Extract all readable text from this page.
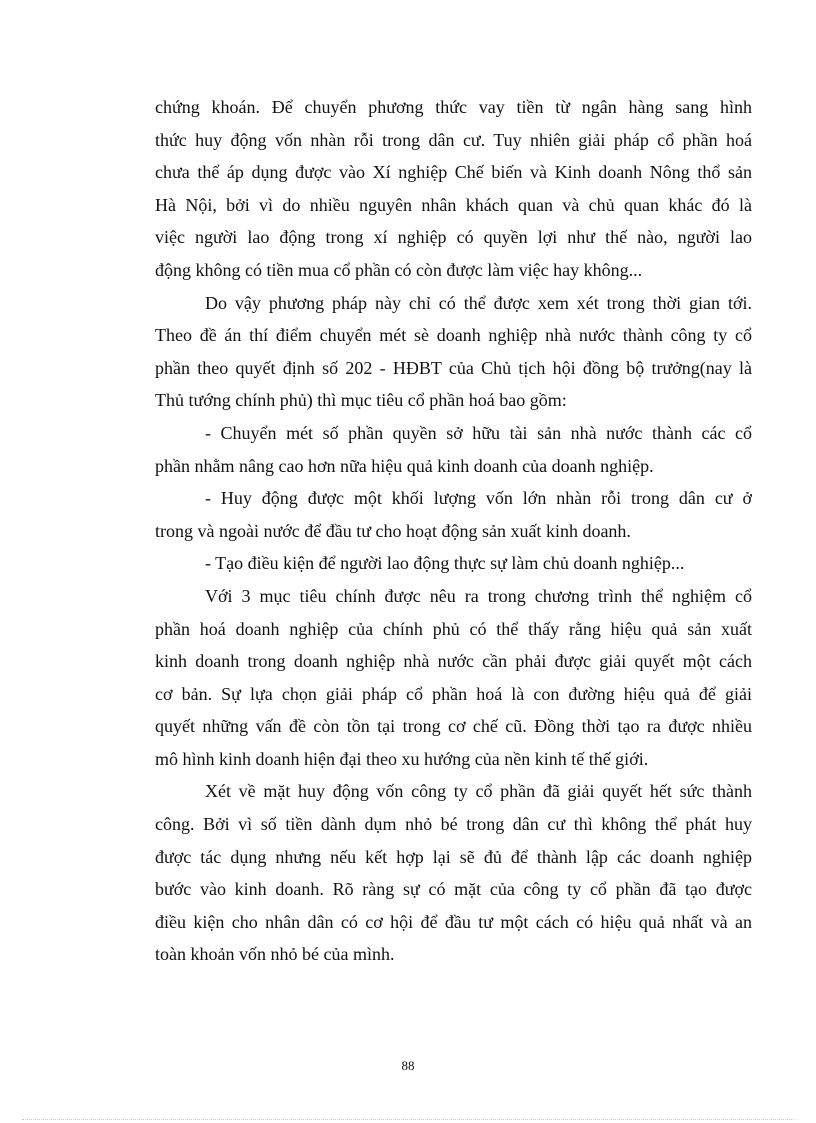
chứng khoán. Để chuyển phương thức vay tiền từ ngân hàng sang hình
thức huy động vốn nhàn rỗi trong dân cư. Tuy nhiên giải pháp cổ phần hoá
chưa thể áp dụng được vào Xí nghiệp Chế biến và Kinh doanh Nông thổ sản
Hà Nội, bởi vì do nhiều nguyên nhân khách quan và chủ quan khác đó là
việc người lao động trong xí nghiệp có quyền lợi như thế nào, người lao
động không có tiền mua cổ phần có còn được làm việc hay không...
Do vậy phương pháp này chỉ có thể được xem xét trong thời gian tới.
Theo đề án thí điểm chuyển mét sè doanh nghiệp nhà nước thành công ty cổ
phần theo quyết định số 202 - HĐBT của Chủ tịch hội đồng bộ trưởng(nay là
Thủ tướng chính phủ) thì mục tiêu cổ phần hoá bao gồm:
- Chuyển mét số phần quyền sở hữu tài sản nhà nước thành các cổ
phần nhằm nâng cao hơn nữa hiệu quả kinh doanh của doanh nghiệp.
- Huy động được một khối lượng vốn lớn nhàn rỗi trong dân cư ở
trong và ngoài nước để đầu tư cho hoạt động sản xuất kinh doanh.
- Tạo điều kiện để người lao động thực sự làm chủ doanh nghiệp...
Với 3 mục tiêu chính được nêu ra trong chương trình thể nghiệm cổ
phần hoá doanh nghiệp của chính phủ có thể thấy rằng hiệu quả sản xuất
kinh doanh trong doanh nghiệp nhà nước cần phải được giải quyết một cách
cơ bản. Sự lựa chọn giải pháp cổ phần hoá là con đường hiệu quả để giải
quyết những vấn đề còn tồn tại trong cơ chế cũ. Đồng thời tạo ra được nhiều
mô hình kinh doanh hiện đại theo xu hướng của nền kinh tế thế giới.
Xét về mặt huy động vốn công ty cổ phần đã giải quyết hết sức thành
công. Bởi vì số tiền dành dụm nhỏ bé trong dân cư thì không thể phát huy
được tác dụng nhưng nếu kết hợp lại sẽ đủ để thành lập các doanh nghiệp
bước vào kinh doanh. Rõ ràng sự có mặt của công ty cổ phần đã tạo được
điều kiện cho nhân dân có cơ hội để đầu tư một cách có hiệu quả nhất và an
toàn khoản vốn nhỏ bé của mình.
88
